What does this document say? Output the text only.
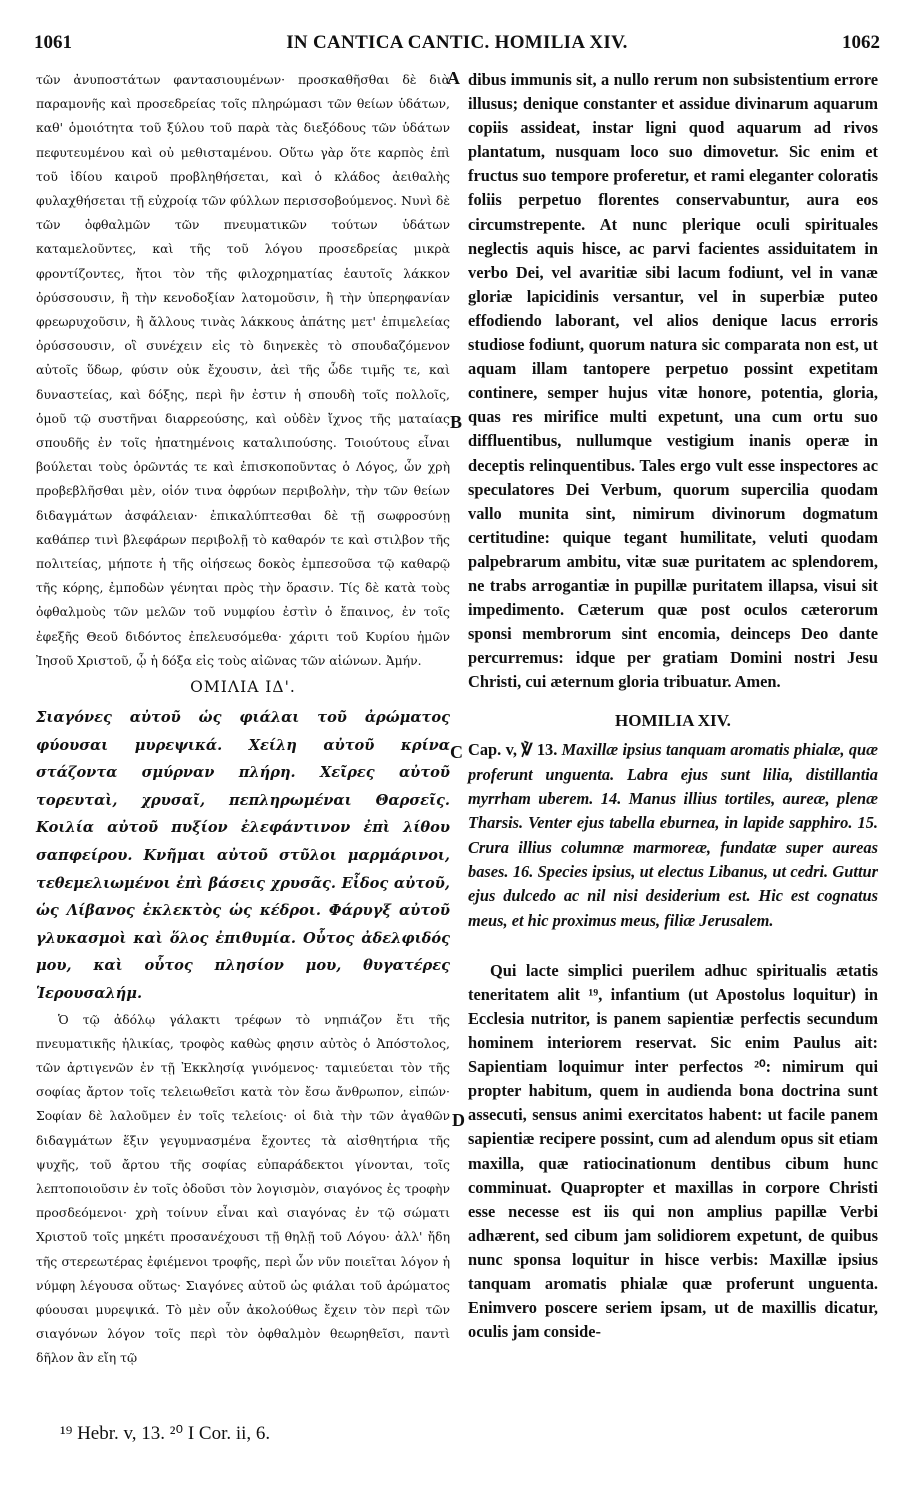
1061	IN CANTICA CANTIC. HOMILIA XIV.	1062
A
B
C
D

τῶν ἀνυποστάτων φαντασιουμένων· προσκαθῆσθαι δὲ διὰ παραμονῆς καὶ προσεδρείας τοῖς πληρώμασι τῶν θείων ὑδάτων, καθ' ὁμοιότητα τοῦ ξύλου τοῦ παρὰ τὰς διεξόδους τῶν ὑδάτων πεφυτευμένου καὶ οὐ μεθισταμένου. Οὕτω γὰρ ὅτε καρπὸς ἐπὶ τοῦ ἰδίου καιροῦ προβληθήσεται, καὶ ὁ κλάδος ἀειθαλὴς φυλαχθήσεται τῇ εὐχροίᾳ τῶν φύλλων περισσοβούμενος. Νυνὶ δὲ τῶν ὀφθαλμῶν τῶν πνευματικῶν τούτων ὑδάτων καταμελοῦντες, καὶ τῆς τοῦ λόγου προσεδρείας μικρὰ φροντίζοντες, ἤτοι τὸν τῆς φιλοχρηματίας ἑαυτοῖς λάκκον ὀρύσσουσιν, ἢ τὴν κενοδοξίαν λατομοῦσιν, ἢ τὴν ὑπερηφανίαν φρεωρυχοῦσιν, ἢ ἄλλους τινὰς λάκκους ἀπάτης μετ' ἐπιμελείας ὀρύσσουσιν, οἳ συνέχειν εἰς τὸ διηνεκὲς τὸ σπουδαζόμενον αὐτοῖς ὕδωρ, φύσιν οὐκ ἔχουσιν, ἀεὶ τῆς ὧδε τιμῆς τε, καὶ δυναστείας, καὶ δόξης, περὶ ἣν ἐστιν ἡ σπουδὴ τοῖς πολλοῖς, ὁμοῦ τῷ συστῆναι διαρρεούσης, καὶ οὐδὲν ἴχνος τῆς ματαίας σπουδῆς ἐν τοῖς ἠπατημένοις καταλιπούσης. Τοιούτους εἶναι βούλεται τοὺς ὁρῶντάς τε καὶ ἐπισκοποῦντας ὁ Λόγος, ὧν χρὴ προβεβλῆσθαι μὲν, οἱόν τινα ὀφρύων περιβολὴν, τὴν τῶν θείων διδαγμάτων ἀσφάλειαν· ἐπικαλύπτεσθαι δὲ τῇ σωφροσύνῃ καθάπερ τινὶ βλεφάρων περιβολῇ τὸ καθαρόν τε καὶ στιλβον τῆς πολιτείας, μήποτε ἡ τῆς οἰήσεως δοκὸς ἐμπεσοῦσα τῷ καθαρῷ τῆς κόρης, ἐμποδὼν γένηται πρὸς τὴν ὅρασιν. Τίς δὲ κατὰ τοὺς ὀφθαλμοὺς τῶν μελῶν τοῦ νυμφίου ἐστὶν ὁ ἔπαινος, ἐν τοῖς ἐφεξῆς Θεοῦ διδόντος ἐπελευσόμεθα· χάριτι τοῦ Κυρίου ἡμῶν Ἰησοῦ Χριστοῦ, ᾧ ἡ δόξα εἰς τοὺς αἰῶνας τῶν αἰώνων. Ἀμήν.

ΟΜΙΛΙΑ ΙΔ'.

Σιαγόνες αὐτοῦ ὡς φιάλαι τοῦ ἀρώματος φύουσαι μυρεψικά. Χείλη αὐτοῦ κρίνα στάζοντα σμύρναν πλήρη. Χεῖρες αὐτοῦ τορευταὶ, χρυσαῖ, πεπληρωμέναι Θαρσεῖς. Κοιλία αὐτοῦ πυξίον ἐλεφάντινον ἐπὶ λίθου σαπφείρου. Κνῆμαι αὐτοῦ στῦλοι μαρμάρινοι, τεθεμελιωμένοι ἐπὶ βάσεις χρυσᾶς. Εἶδος αὐτοῦ, ὡς Λίβανος ἐκλεκτὸς ὡς κέδροι. Φάρυγξ αὐτοῦ γλυκασμοὶ καὶ ὅλος ἐπιθυμία. Οὗτος ἀδελφιδός μου, καὶ οὗτος πλησίον μου, θυγατέρες Ἱερουσαλήμ.

Ὁ τῷ ἀδόλῳ γάλακτι τρέφων τὸ νηπιάζον ἔτι τῆς πνευματικῆς ἡλικίας, τροφὸς καθὼς φησιν αὐτὸς ὁ Ἀπόστολος, τῶν ἀρτιγενῶν ἐν τῇ Ἐκκλησίᾳ γινόμενος· ταμιεύεται τὸν τῆς σοφίας ἄρτον τοῖς τελειωθεῖσι κατὰ τὸν ἔσω ἄνθρωπον, εἰπών· Σοφίαν δὲ λαλοῦμεν ἐν τοῖς τελείοις· οἱ διὰ τὴν τῶν ἀγαθῶν διδαγμάτων ἕξιν γεγυμνασμένα ἔχοντες τὰ αἰσθητήρια τῆς ψυχῆς, τοῦ ἄρτου τῆς σοφίας εὐπαράδεκτοι γίνονται, τοῖς λεπτοποιοῦσιν ἐν τοῖς ὀδοῦσι τὸν λογισμὸν, σιαγόνος ἐς τροφὴν προσδεόμενοι· χρὴ τοίνυν εἶναι καὶ σιαγόνας ἐν τῷ σώματι Χριστοῦ τοῖς μηκέτι προσανέχουσι τῇ θηλῇ τοῦ Λόγου· ἀλλ' ἤδη τῆς στερεωτέρας ἐφιέμενοι τροφῆς, περὶ ὧν νῦν ποιεῖται λόγον ἡ νύμφη λέγουσα οὕτως· Σιαγόνες αὐτοῦ ὡς φιάλαι τοῦ ἀρώματος φύουσαι μυρεψικά. Τὸ μὲν οὖν ἀκολούθως ἔχειν τὸν περὶ τῶν σιαγόνων λόγον τοῖς περὶ τὸν ὀφθαλμὸν θεωρηθεῖσι, παντὶ δῆλον ἂν εἴη τῷ

dibus immunis sit, a nullo rerum non subsistentium errore illusus; denique constanter et assidue divinarum aquarum copiis assideat, instar ligni quod aquarum ad rivos plantatum, nusquam loco suo dimovetur. Sic enim et fructus suo tempore proferetur, et rami eleganter coloratis foliis perpetuo florentes conservabuntur, aura eos circumstrepente. At nunc plerique oculi spirituales neglectis aquis hisce, ac parvi facientes assiduitatem in verbo Dei, vel avaritiæ sibi lacum fodiunt, vel in vanæ gloriæ lapicidinis versantur, vel in superbiæ puteo effodiendo laborant, vel alios denique lacus erroris studiose fodiunt, quorum natura sic comparata non est, ut aquam illam tantopere perpetuo possint expetitam continere, semper hujus vitæ honore, potentia, gloria, quas res mirifice multi expetunt, una cum ortu suo diffluentibus, nullumque vestigium inanis operæ in deceptis relinquentibus. Tales ergo vult esse inspectores ac speculatores Dei Verbum, quorum supercilia quodam vallo munita sint, nimirum divinorum dogmatum certitudine: quique tegant humilitate, veluti quodam palpebrarum ambitu, vitæ suæ puritatem ac splendorem, ne trabs arrogantiæ in pupillæ puritatem illapsa, visui sit impedimento. Cæterum quæ post oculos cæterorum sponsi membrorum sint encomia, deinceps Deo dante percurremus: idque per gratiam Domini nostri Jesu Christi, cui æternum gloria tribuatur. Amen.

HOMILIA XIV.

Cap. v, ℣ 13. Maxillæ ipsius tanquam aromatis phialæ, quæ proferunt unguenta. Labra ejus sunt lilia, distillantia myrrham uberem. 14. Manus illius tortiles, aureæ, plenæ Tharsis. Venter ejus tabella eburnea, in lapide sapphiro. 15. Crura illius columnæ marmoreæ, fundatæ super aureas bases. 16. Species ipsius, ut electus Libanus, ut cedri. Guttur ejus dulcedo ac nil nisi desiderium est. Hic est cognatus meus, et hic proximus meus, filiæ Jerusalem.

Qui lacte simplici puerilem adhuc spiritualis ætatis teneritatem alit ¹⁹, infantium (ut Apostolus loquitur) in Ecclesia nutritor, is panem sapientiæ perfectis secundum hominem interiorem reservat. Sic enim Paulus ait: Sapientiam loquimur inter perfectos ²⁰: nimirum qui propter habitum, quem in audienda bona doctrina sunt assecuti, sensus animi exercitatos habent: ut facile panem sapientiæ recipere possint, cum ad alendum opus sit etiam maxilla, quæ ratiocinationum dentibus cibum hunc comminuat. Quapropter et maxillas in corpore Christi esse necesse est iis qui non amplius papillæ Verbi adhærent, sed cibum jam solidiorem expetunt, de quibus nunc sponsa loquitur in hisce verbis: Maxillæ ipsius tanquam aromatis phialæ quæ proferunt unguenta. Enimvero poscere seriem ipsam, ut de maxillis dicatur, oculis jam conside-

¹⁹ Hebr. v, 13. ²⁰ I Cor. ii, 6.
